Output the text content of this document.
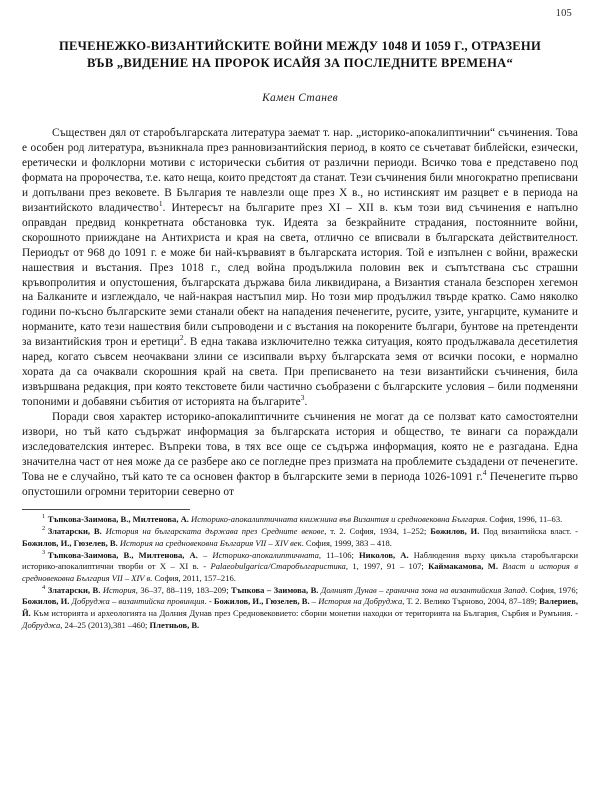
105
ПЕЧЕНЕЖКО-ВИЗАНТИЙСКИТЕ ВОЙНИ МЕЖДУ 1048 И 1059 Г., ОТРАЗЕНИ
ВЪВ „ВИДЕНИЕ НА ПРОРОК ИСАЙЯ ЗА ПОСЛЕДНИТЕ ВРЕМЕНА“
Камен Станев

Съществен дял от старобългарската литература заемат т. нар. „историко-апокалиптичнии“ съчинения. Това е особен род литература, възникнала през ранновизантийския период, в която се съчетават библейски, езически, еретически и фолклорни мотиви с исторически събития от различни периоди. Всичко това е представено под формата на пророчества, т.е. като неща, които предстоят да станат. Тези съчинения били многократно преписвани и допълвани през вековете. В България те навлезли още през X в., но истинският им разцвет е в периода на византийското владичество$^1$. Интересът на българите през XI – XII в. към този вид съчинения е напълно оправдан предвид конкретната обстановка тук. Идеята за безкрайните страдания, постоянните войни, скорошното приижданe на Антихриста и края на света, отлично се вписвали в българската действителност. Периодът от 968 до 1091 г. е може би най-кървавият в българската история. Той е изпълнен с войни, вражески нашествия и въстания. През 1018 г., след война продължила половин век и съпътствана със страшни кръвопролития и опустошения, българската държава била ликвидирана, а Византия станала безспорен хегемон на Балканите и изглеждало, че най-накрая настъпил мир. Но този мир продължил твърде кратко. Само няколко години по-късно българските земи станали обект на нападения печенегите, русите, узите, унгарците, куманите и норманите, като тези нашествия били съпроводени и с въстания на покорените българи, бунтове на претендeнти за византийския трон и еретици$^2$. В една такава изключително тежка ситуация, която продължавала десетилетия наред, когато съвсем неочаквани злини се изсипвали върху българската земя от всички посоки, е нормално хората да са очаквали скорошния край на света. При преписването на тези византийски съчинения, била извършвана редакция, при която текстовете били частично съобразени с българските условия – били подменяни топоними и добавяни събития от историята на българите$^3$.

Поради своя характер историко-апокалиптичните съчинения не могат да се ползват като самостоятелни извори, но тъй като съдържат информация за българската история и общество, те винаги са пораждали изследователския интерес. Въпреки това, в тях все още се съдържа информация, която не е разгадана. Една значителна част от нея може да се разбере ако се погледне през призмата на проблемите създадени от печенегите. Това не е случайно, тъй като те са основен фактор в българските земи в периода 1026-1091 г.$^4$ Печенегите първо опустошили огромни територии северно от

$^1$ Тъпкова-Заимова, В., Милтенова, А. Историко-апокалиптичната книжнина във Византия и средновековна България. София, 1996, 11–63.

$^2$ Златарски, В. История на българската държава през Средните векове, т. 2. София, 1934, 1–252; Божилов, И. Под византийска власт. - Божилов, И., Гюзелев, В. История на средновековна България VII – XIV век. София, 1999, 383 – 418.

$^3$ Тъпкова-Заимова, В., Милтенова, А. – Историко-апокалиптичната, 11–106; Николов, А. Наблюдения върху цикъла старобългарски историко-апокалиптични творби от X – XI в. - Palaeobulgarica/Старобългаристика, 1, 1997, 91 – 107; Каймакамова, М. Власт и история в средновековна България VII – XIV в. София, 2011, 157–216.

$^4$ Златарски, В. История, 36–37, 88–119, 183–209; Тъпкова – Заимова, В. Долният Дунав – гранична зона на византийския Запад. София, 1976; Божилов, И. Добруджа – византийска провинция. - Божилов, И., Гюзелев, В. – История на Добруджа, Т. 2. Велико Търново, 2004, 87–189; Валериев, Й. Към историята и археологията на Долния Дунав през Средновековието: сборни монетни находки от територията на България, Сърбия и Румъния. - Добруджа, 24–25 (2013),381 –460; Плетньов, В.
